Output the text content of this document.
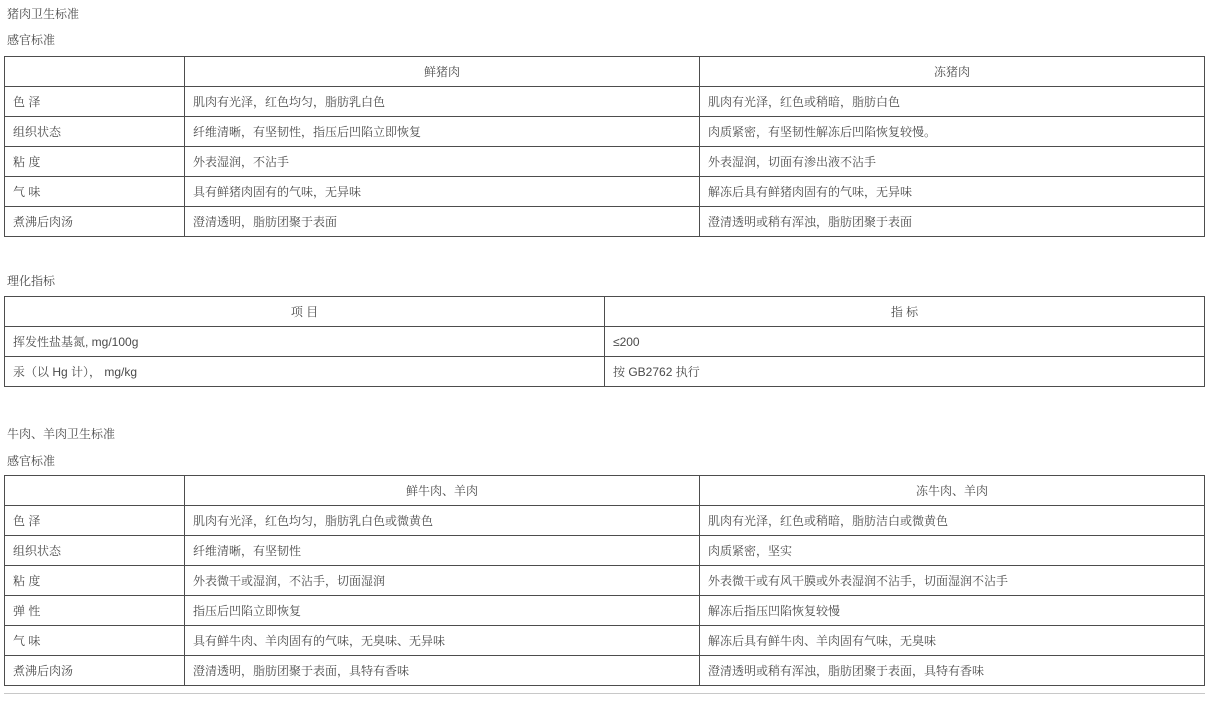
猪肉卫生标准
感官标准
	鲜猪肉	冻猪肉
色 泽	肌肉有光泽，红色均匀，脂肪乳白色	肌肉有光泽，红色或稍暗，脂肪白色
组织状态	纤维清晰，有坚韧性，指压后凹陷立即恢复	肉质紧密，有坚韧性解冻后凹陷恢复较慢。
粘 度	外表湿润，不沾手	外表湿润，切面有渗出液不沾手
气 味	具有鲜猪肉固有的气味，无异味	解冻后具有鲜猪肉固有的气味，无异味
煮沸后肉汤	澄清透明，脂肪团聚于表面	澄清透明或稍有浑浊，脂肪团聚于表面
理化指标
项 目	指 标
挥发性盐基氮, mg/100g	≤200
汞（以 Hg 计）， mg/kg	按 GB2762 执行
牛肉、羊肉卫生标准
感官标准
	鲜牛肉、羊肉	冻牛肉、羊肉
色 泽	肌肉有光泽，红色均匀，脂肪乳白色或微黄色	肌肉有光泽，红色或稍暗，脂肪洁白或微黄色
组织状态	纤维清晰，有坚韧性	肉质紧密，坚实
粘 度	外表微干或湿润，不沾手，切面湿润	外表微干或有风干膜或外表湿润不沾手，切面湿润不沾手
弹 性	指压后凹陷立即恢复	解冻后指压凹陷恢复较慢
气 味	具有鲜牛肉、羊肉固有的气味，无臭味、无异味	解冻后具有鲜牛肉、羊肉固有气味，无臭味
煮沸后肉汤	澄清透明，脂肪团聚于表面，具特有香味	澄清透明或稍有浑浊，脂肪团聚于表面，具特有香味
